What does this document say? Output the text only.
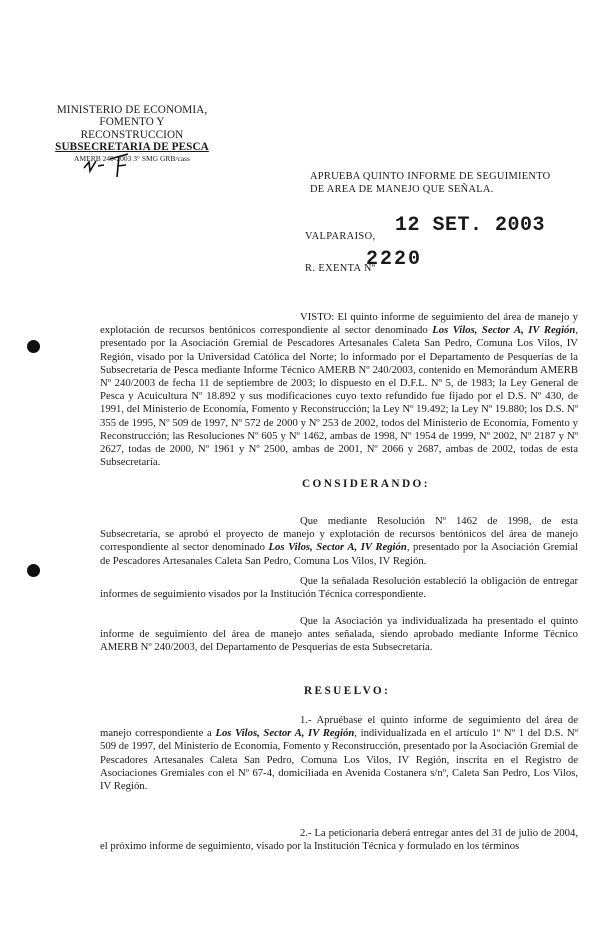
MINISTERIO DE ECONOMIA,
FOMENTO Y RECONSTRUCCION
SUBSECRETARIA DE PESCA
AMERB 240-2003 3° SMG GRB/cass
APRUEBA QUINTO INFORME DE SEGUIMIENTO
DE AREA DE MANEJO QUE SEÑALA.
VALPARAISO, 12 SET. 2003
R. EXENTA Nº
2220

VISTO: El quinto informe de seguimiento del área de manejo y explotación de recursos bentónicos correspondiente al sector denominado Los Vilos, Sector A, IV Región, presentado por la Asociación Gremial de Pescadores Artesanales Caleta San Pedro, Comuna Los Vilos, IV Región, visado por la Universidad Católica del Norte; lo informado por el Departamento de Pesquerías de la Subsecretaría de Pesca mediante Informe Técnico AMERB Nº 240/2003, contenido en Memorándum AMERB Nº 240/2003 de fecha 11 de septiembre de 2003; lo dispuesto en el D.F.L. Nº 5, de 1983; la Ley General de Pesca y Acuicultura Nº 18.892 y sus modificaciones cuyo texto refundido fue fijado por el D.S. Nº 430, de 1991, del Ministerio de Economía, Fomento y Reconstrucción; la Ley Nº 19.492; la Ley Nº 19.880; los D.S. Nº 355 de 1995, Nº 509 de 1997, Nº 572 de 2000 y Nº 253 de 2002, todos del Ministerio de Economía, Fomento y Reconstrucción; las Resoluciones Nº 605 y Nº 1462, ambas de 1998, Nº 1954 de 1999, Nº 2002, Nº 2187 y Nº 2627, todas de 2000, Nº 1961 y Nº 2500, ambas de 2001, Nº 2066 y 2687, ambas de 2002, todas de esta Subsecretaría.

CONSIDERANDO:

Que mediante Resolución Nº 1462 de 1998, de esta Subsecretaría, se aprobó el proyecto de manejo y explotación de recursos bentónicos del área de manejo correspondiente al sector denominado Los Vilos, Sector A, IV Región, presentado por la Asociación Gremial de Pescadores Artesanales Caleta San Pedro, Comuna Los Vilos, IV Región.

Que la señalada Resolución estableció la obligación de entregar informes de seguimiento visados por la Institución Técnica correspondiente.

Que la Asociación ya individualizada ha presentado el quinto informe de seguimiento del área de manejo antes señalada, siendo aprobado mediante Informe Técnico AMERB Nº 240/2003, del Departamento de Pesquerías de esta Subsecretaría.

RESUELVO:

1.- Apruébase el quinto informe de seguimiento del área de manejo correspondiente a Los Vilos, Sector A, IV Región, individualizada en el artículo 1º Nº 1 del D.S. Nº 509 de 1997, del Ministerio de Economía, Fomento y Reconstrucción, presentado por la Asociación Gremial de Pescadores Artesanales Caleta San Pedro, Comuna Los Vilos, IV Región, inscrita en el Registro de Asociaciones Gremiales con el Nº 67-4, domiciliada en Avenida Costanera s/nº, Caleta San Pedro, Los Vilos, IV Región.

2.- La peticionaria deberá entregar antes del 31 de julio de 2004, el próximo informe de seguimiento, visado por la Institución Técnica y formulado en los términos
